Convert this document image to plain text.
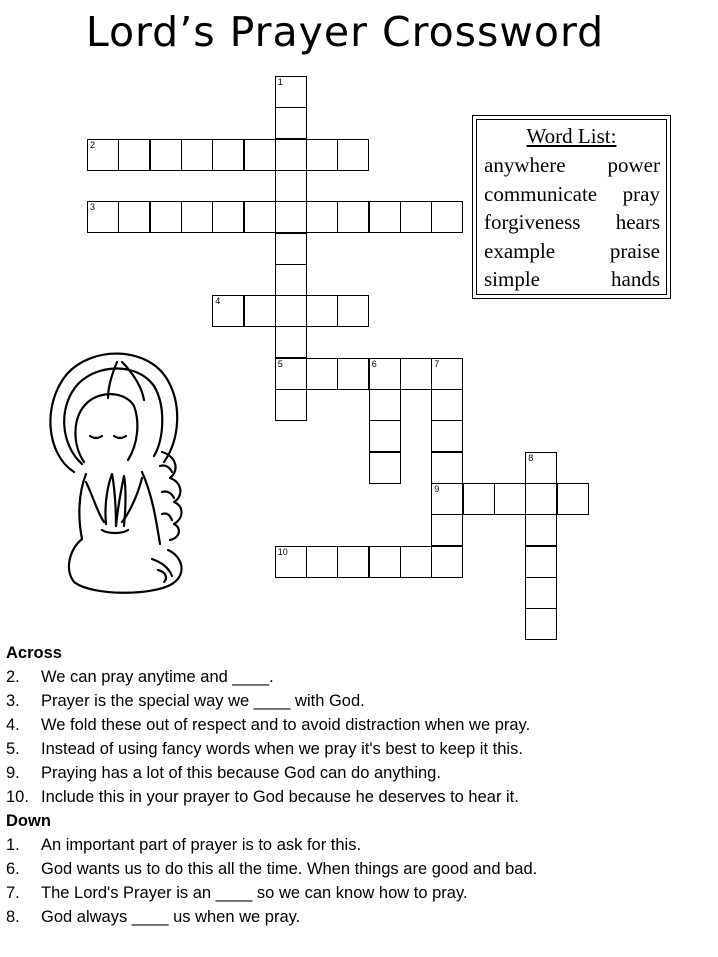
Lord’s Prayer Crossword
1
5
2
3
4
6	7
9
8
10
Word List:
anywhere power
communicate pray
forgiveness hears
example	praise
simple	hands
Across
2.	We can pray anytime and ____.
3.	Prayer is the special way we ____ with God.
4.	We fold these out of respect and to avoid distraction when we pray.
5.	Instead of using fancy words when we pray it's best to keep it this.
9.	Praying has a lot of this because God can do anything.
10. Include this in your prayer to God because he deserves to hear it.
Down
1.	An important part of prayer is to ask for this.
6.	God wants us to do this all the time. When things are good and bad.
7.	The Lord's Prayer is an ____ so we can know how to pray.
8.	God always ____ us when we pray.
